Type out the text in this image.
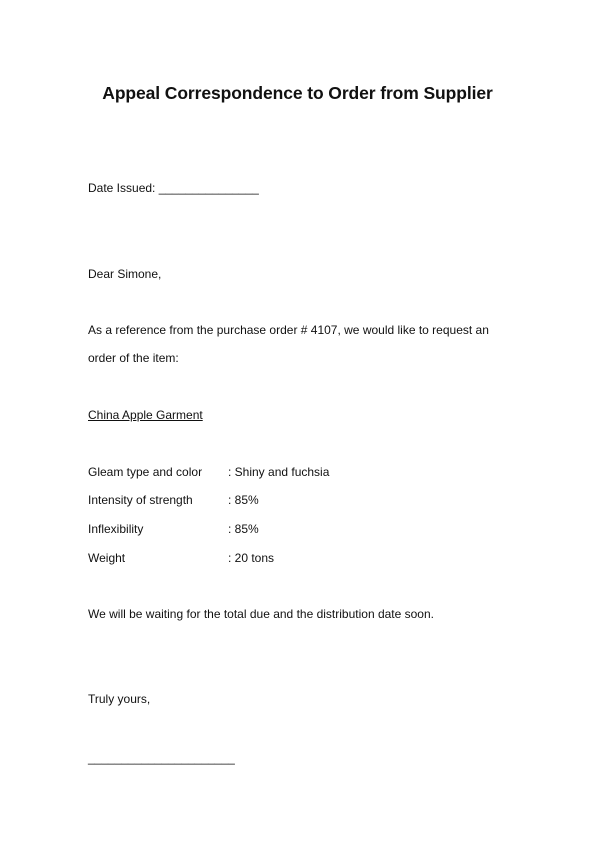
Appeal Correspondence to Order from Supplier
Date Issued: _______________
Dear Simone,
As a reference from the purchase order # 4107, we would like to request an
order of the item:
China Apple Garment
Gleam type and color : Shiny and fuchsia
Intensity of strength	: 85%
Inflexibility	: 85%
Weight	: 20 tons
We will be waiting for the total due and the distribution date soon.
Truly yours,
______________________
